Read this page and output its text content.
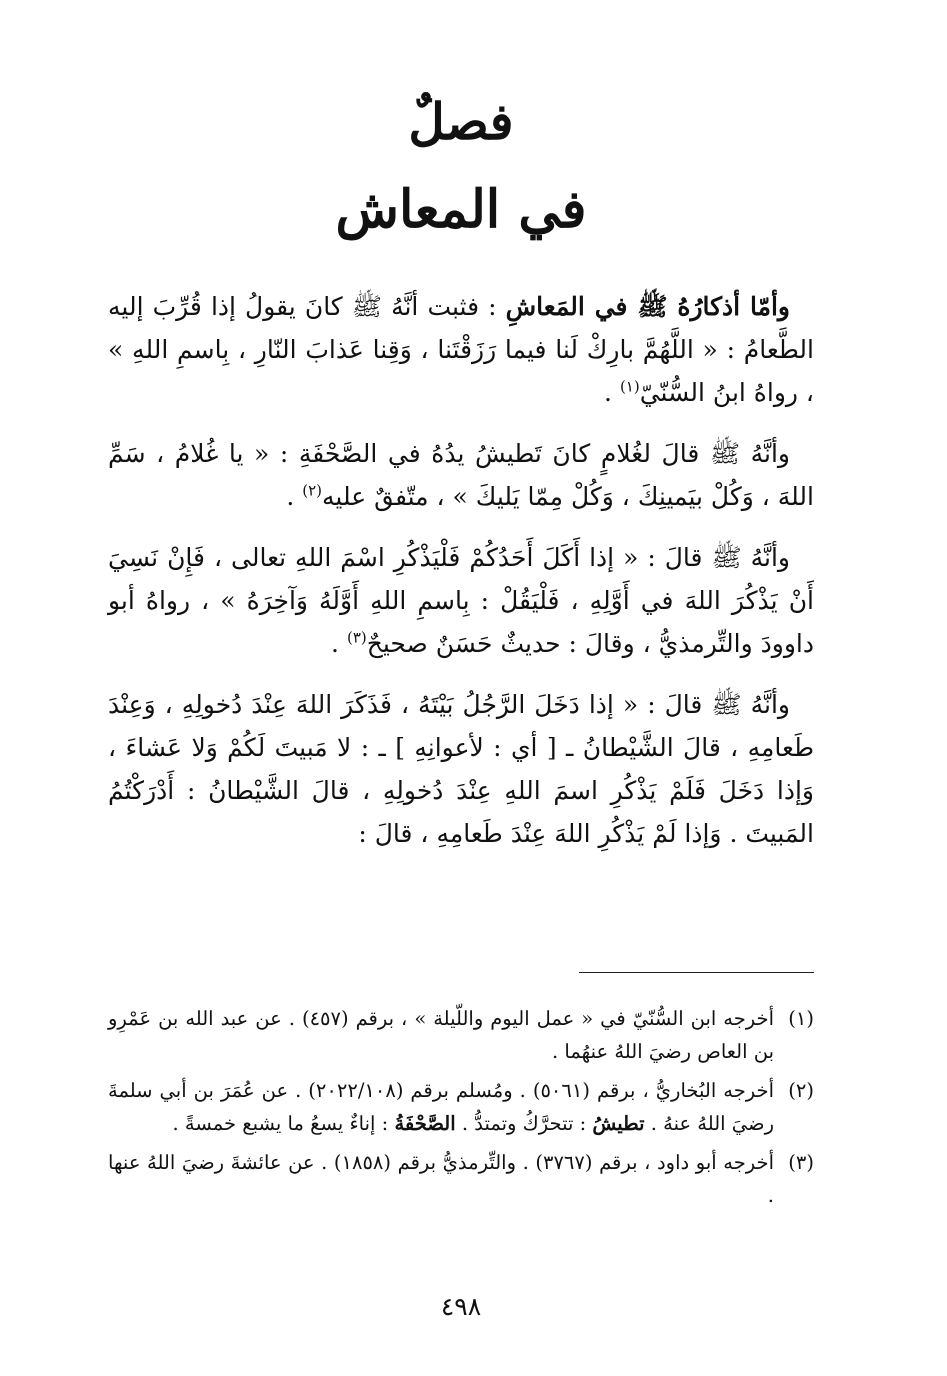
فصلٌ
في المعاش

وأمّا أذكارُهُ ﷺ في المَعاشِ : فثبت أنَّهُ ﷺ كانَ يقولُ إذا قُرِّبَ إليه الطَّعامُ : « اللَّهُمَّ بارِكْ لَنا فيما رَزَقْتَنا ، وَقِنا عَذابَ النّارِ ، بِاسمِ اللهِ » ، رواهُ ابنُ السُّنّيّ$^{(١)}$ .

وأنَّهُ ﷺ قالَ لغُلامٍ كانَ تَطيشُ يدُهُ في الصَّحْفَةِ : « يا غُلامُ ، سَمِّ اللهَ ، وَكُلْ بيَمينِكَ ، وَكُلْ مِمّا يَليكَ » ، متّفقٌ عليه$^{(٢)}$ .

وأنَّهُ ﷺ قالَ : « إذا أَكَلَ أَحَدُكُمْ فَلْيَذْكُرِ اسْمَ اللهِ تعالى ، فَإِنْ نَسِيَ أَنْ يَذْكُرَ اللهَ في أَوَّلِهِ ، فَلْيَقُلْ : بِاسمِ اللهِ أَوَّلَهُ وَآخِرَهُ » ، رواهُ أبو داوودَ والتِّرمذيُّ ، وقالَ : حديثٌ حَسَنٌ صحيحٌ$^{(٣)}$ .

وأنَّهُ ﷺ قالَ : « إذا دَخَلَ الرَّجُلُ بَيْتَهُ ، فَذَكَرَ اللهَ عِنْدَ دُخولِهِ ، وَعِنْدَ طَعامِهِ ، قالَ الشَّيْطانُ ـ [ أي : لأعوانِهِ ] ـ : لا مَبيتَ لَكُمْ وَلا عَشاءَ ، وَإذا دَخَلَ فَلَمْ يَذْكُرِ اسمَ اللهِ عِنْدَ دُخولِهِ ، قالَ الشَّيْطانُ : أَدْرَكْتُمُ المَبيتَ . وَإذا لَمْ يَذْكُرِ اللهَ عِنْدَ طَعامِهِ ، قالَ :

(١)
أخرجه ابن السُّنّيّ في « عمل اليوم واللّيلة » ، برقم (٤٥٧) . عن عبد الله بن عَمْرِو بن العاص رضيَ اللهُ عنهُما .
(٢)
أخرجه البُخاريُّ ، برقم (٥٠٦١) . ومُسلم برقم (٢٠٢٢/١٠٨) . عن عُمَرَ بن أبي سلمةَ رضيَ اللهُ عنهُ . تطيشُ : تتحرَّكُ وتمتدُّ . الصَّحْفَةُ : إناءٌ يسعُ ما يشبع خمسةً .
(٣)
أخرجه أبو داود ، برقم (٣٧٦٧) . والتِّرمذيُّ برقم (١٨٥٨) . عن عائشةَ رضيَ اللهُ عنها .
٤٩٨
